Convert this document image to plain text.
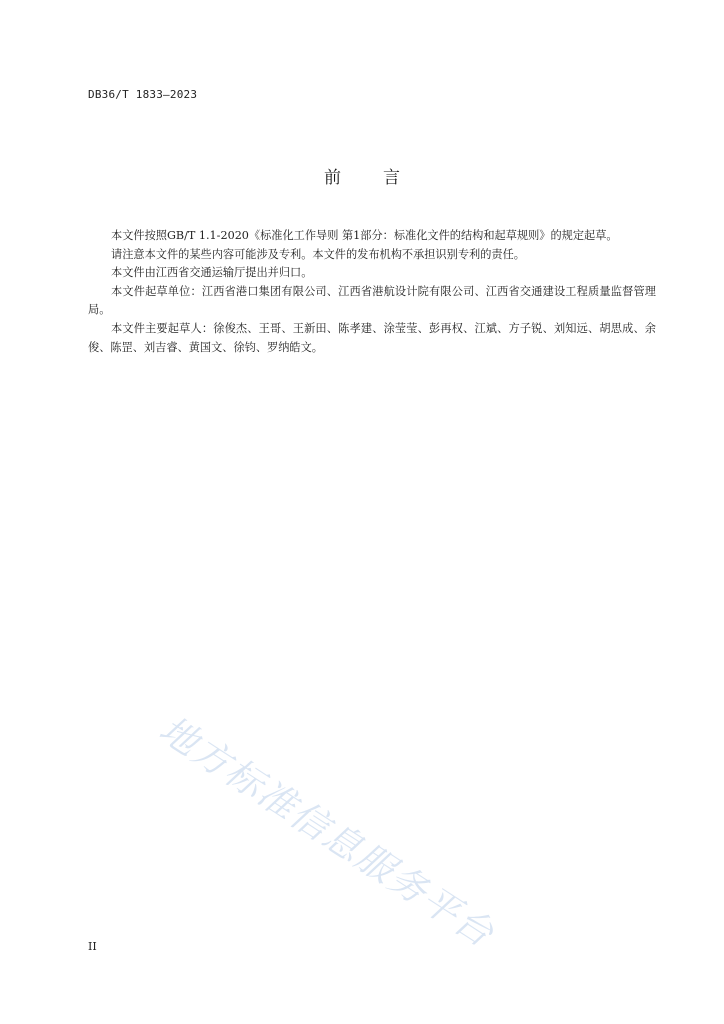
DB36/T 1833—2023
前 言

本文件按照GB/T 1.1-2020《标准化工作导则 第1部分：标准化文件的结构和起草规则》的规定起草。

请注意本文件的某些内容可能涉及专利。本文件的发布机构不承担识别专利的责任。

本文件由江西省交通运输厅提出并归口。

本文件起草单位：江西省港口集团有限公司、江西省港航设计院有限公司、江西省交通建设工程质量监督管理局。

本文件主要起草人：徐俊杰、王哥、王新田、陈孝建、涂莹莹、彭再权、江斌、方子锐、刘知远、胡思成、余俊、陈罡、刘吉睿、黄国文、徐钧、罗纳皓文。

地方标准信息服务平台
II
